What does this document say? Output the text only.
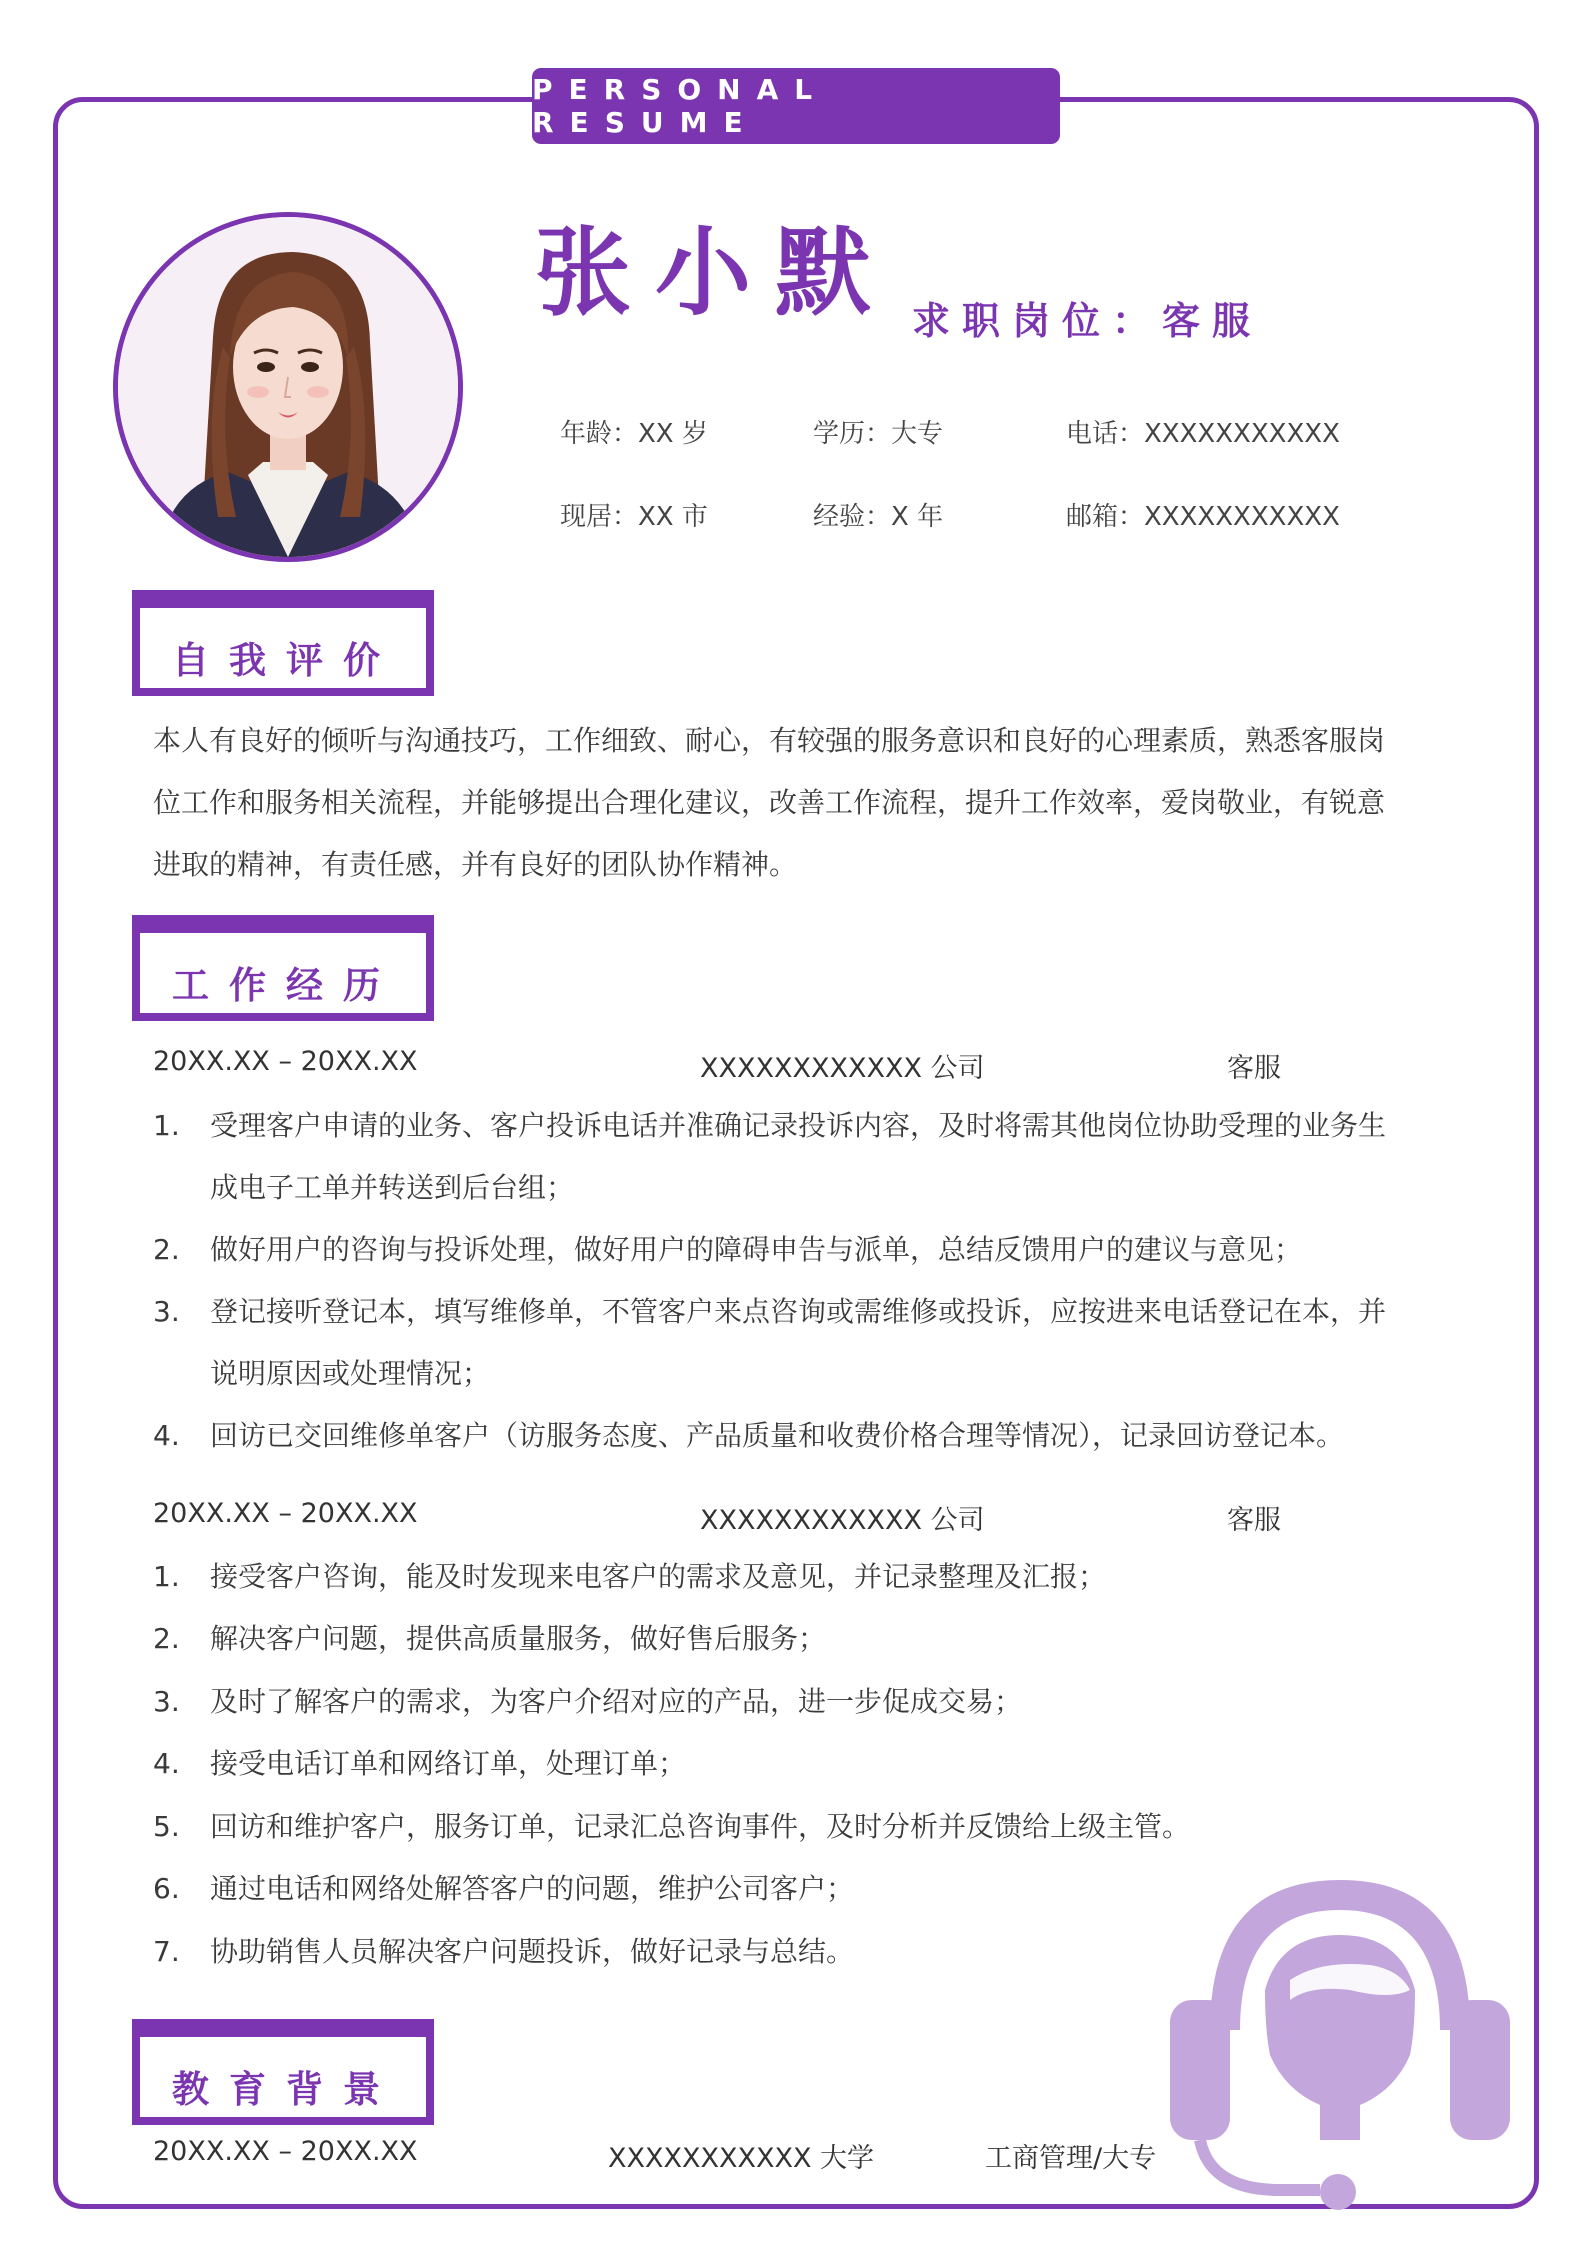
PERSONAL RESUME
张小默 求职岗位：客服
年龄：XX 岁	学历：大专	电话：XXXXXXXXXXX
现居：XX 市	经验：X 年	邮箱：XXXXXXXXXXX
自我评价
本人有良好的倾听与沟通技巧，工作细致、耐心，有较强的服务意识和良好的心理素质，熟悉客服岗
位工作和服务相关流程，并能够提出合理化建议，改善工作流程，提升工作效率，爱岗敬业，有锐意
进取的精神，有责任感，并有良好的团队协作精神。
工作经历
20XX.XX – 20XX.XX	XXXXXXXXXXXX 公司	客服
1.	受理客户申请的业务、客户投诉电话并准确记录投诉内容，及时将需其他岗位协助受理的业务生
成电子工单并转送到后台组；
2.	做好用户的咨询与投诉处理，做好用户的障碍申告与派单，总结反馈用户的建议与意见；
3.	登记接听登记本，填写维修单，不管客户来点咨询或需维修或投诉，应按进来电话登记在本，并
说明原因或处理情况；
4.	回访已交回维修单客户（访服务态度、产品质量和收费价格合理等情况），记录回访登记本。
20XX.XX – 20XX.XX	XXXXXXXXXXXX 公司	客服
1.	接受客户咨询，能及时发现来电客户的需求及意见，并记录整理及汇报；
2.	解决客户问题，提供高质量服务，做好售后服务；
3.	及时了解客户的需求，为客户介绍对应的产品，进一步促成交易；
4.	接受电话订单和网络订单，处理订单；
5.	回访和维护客户，服务订单，记录汇总咨询事件，及时分析并反馈给上级主管。
6.	通过电话和网络处解答客户的问题，维护公司客户；
7.	协助销售人员解决客户问题投诉，做好记录与总结。
教育背景
20XX.XX – 20XX.XX	XXXXXXXXXXX 大学	工商管理/大专
